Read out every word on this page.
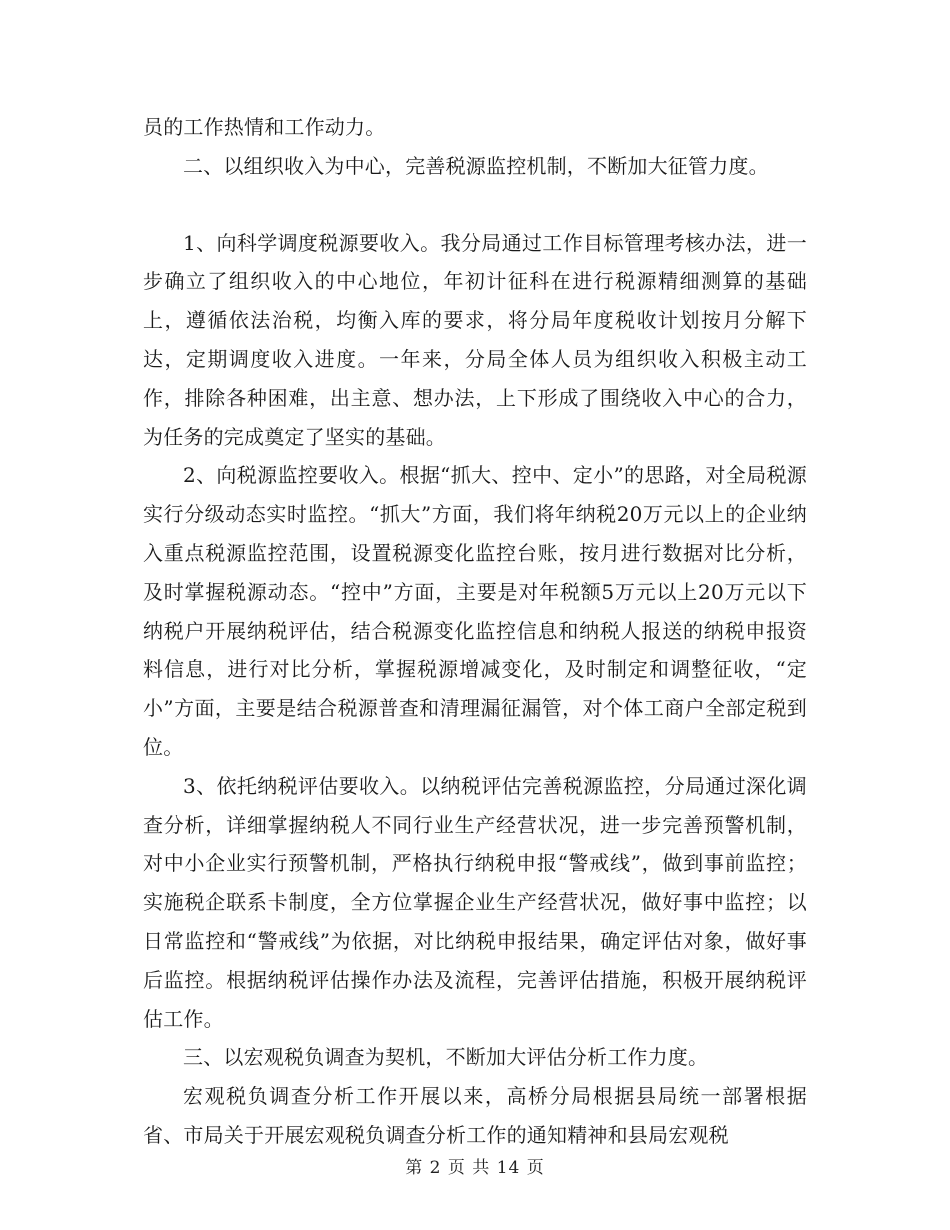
员的工作热情和工作动力。

二、以组织收入为中心，完善税源监控机制，不断加大征管力度。

1、向科学调度税源要收入。我分局通过工作目标管理考核办法，进一步确立了组织收入的中心地位，年初计征科在进行税源精细测算的基础上，遵循依法治税，均衡入库的要求，将分局年度税收计划按月分解下达，定期调度收入进度。一年来，分局全体人员为组织收入积极主动工作，排除各种困难，出主意、想办法，上下形成了围绕收入中心的合力，为任务的完成奠定了坚实的基础。

2、向税源监控要收入。根据“抓大、控中、定小”的思路，对全局税源实行分级动态实时监控。“抓大”方面，我们将年纳税20万元以上的企业纳入重点税源监控范围，设置税源变化监控台账，按月进行数据对比分析，及时掌握税源动态。“控中”方面，主要是对年税额5万元以上20万元以下纳税户开展纳税评估，结合税源变化监控信息和纳税人报送的纳税申报资料信息，进行对比分析，掌握税源增减变化，及时制定和调整征收，“定小”方面，主要是结合税源普查和清理漏征漏管，对个体工商户全部定税到位。

3、依托纳税评估要收入。以纳税评估完善税源监控，分局通过深化调查分析，详细掌握纳税人不同行业生产经营状况，进一步完善预警机制，对中小企业实行预警机制，严格执行纳税申报“警戒线”，做到事前监控；实施税企联系卡制度，全方位掌握企业生产经营状况，做好事中监控；以日常监控和“警戒线”为依据，对比纳税申报结果，确定评估对象，做好事后监控。根据纳税评估操作办法及流程，完善评估措施，积极开展纳税评估工作。

三、以宏观税负调查为契机，不断加大评估分析工作力度。

宏观税负调查分析工作开展以来，高桥分局根据县局统一部署根据省、市局关于开展宏观税负调查分析工作的通知精神和县局宏观税

第 2 页 共 14 页
